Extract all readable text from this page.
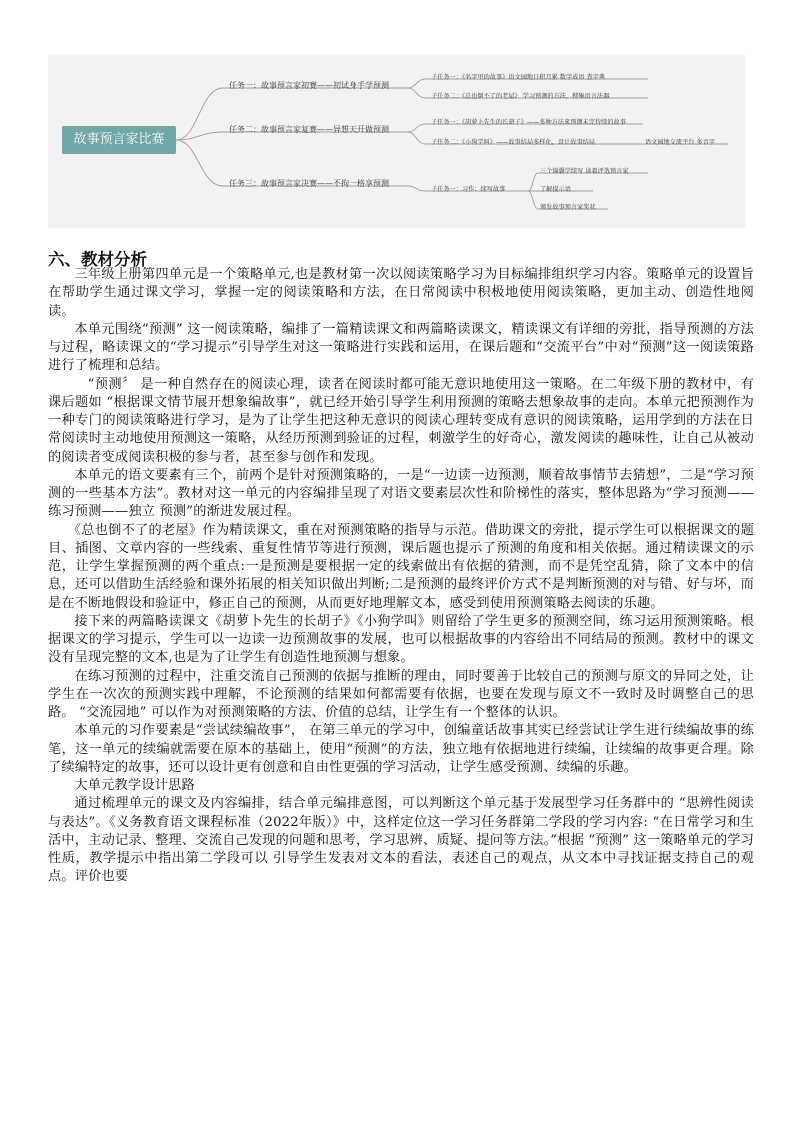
故事预言家比赛
任务一：故事预言家初赛——初试身手学预测
任务二：故事预言家复赛——异想天开做预测
任务三：故事预言家决赛——不拘一格享预测
子任务一：《名字里的故事》语文园地日积月累 数字成语 查字典
子任务二：《总也倒不了的老屋》 学习预测的方法，搜集语言法器
子任务一：《胡萝卜先生的长胡子》——多种方法来预测未完待续的故事
子任务二：《小狗学叫》——故事结局多样化，设计故事结局	语文园地交流平台 多音字
子任务一：习作：续写故事
三个锦囊学续写 读着评选预言家
了解提示语
颁发故事预言家奖状
六、教材分析

三年级上册第四单元是一个策略单元,也是教材第一次以阅读策略学习为目标编排组织学习内容。策略单元的设置旨在帮助学生通过课文学习，掌握一定的阅读策略和方法，在日常阅读中积极地使用阅读策略，更加主动、创造性地阅读。

本单元围绕“预测” 这一阅读策略，编排了一篇精读课文和两篇略读课文，精读课文有详细的旁批，指导预测的方法与过程，略读课文的“学习提示”引导学生对这一策略进行实践和运用，在课后题和“交流平台”中对“预测”这一阅读策路进行了梳理和总结。

“预测〞 是一种自然存在的阅读心理，读者在阅读时都可能无意识地使用这一策略。在二年级下册的教材中，有课后题如 “根据课文情节展开想象编故事”，就已经开始引导学生利用预测的策略去想象故事的走向。本单元把预测作为一种专门的阅读策略进行学习，是为了让学生把这种无意识的阅读心理转变成有意识的阅读策略，运用学到的方法在日常阅读时主动地使用预测这一策略，从经历预测到验证的过程，刺激学生的好奇心，激发阅读的趣味性，让自己从被动的阅读者变成阅读积极的参与者，甚至参与创作和发现。

本单元的语文要素有三个，前两个是针对预测策略的，一是“一边读一边预测，顺着故事情节去猜想”，二是“学习预测的一些基本方法”。教材对这一单元的内容编排呈现了对语文要素层次性和阶梯性的落实，整体思路为“学习预测——练习预测——独立 预测”的渐进发展过程。

《总也倒不了的老屋》作为精读课文，重在对预测策略的指导与示范。借助课文的旁批，提示学生可以根据课文的题目、插图、文章内容的一些线索、重复性情节等进行预测，课后题也提示了预测的角度和相关依据。通过精读课文的示范，让学生掌握预测的两个重点:一是预测是要根据一定的线索做出有依据的猜测，而不是凭空乱猜，除了文本中的信息，还可以借助生活经验和课外拓展的相关知识做出判断;二是预测的最终评价方式不是判断预测的对与错、好与坏，而是在不断地假设和验证中，修正自己的预测，从而更好地理解文本，感受到使用预测策略去阅读的乐趣。

接下来的两篇略读课文《胡萝卜先生的长胡子》《小狗学叫》则留给了学生更多的预测空间，练习运用预测策略。根据课文的学习提示，学生可以一边读一边预测故事的发展，也可以根据故事的内容给出不同结局的预测。教材中的课文没有呈现完整的文本,也是为了让学生有创造性地预测与想象。

在练习预测的过程中，注重交流自己预测的依据与推断的理由，同时要善于比较自己的预测与原文的异同之处，让学生在一次次的预测实践中理解，不论预测的结果如何都需要有依据，也要在发现与原文不一致时及时调整自己的思路。 “交流园地” 可以作为对预测策略的方法、价值的总结，让学生有一个整体的认识。

本单元的习作要素是“尝试续编故事”， 在第三单元的学习中，创编童话故事其实已经尝试让学生进行续编故事的练笔，这一单元的续编就需要在原本的基础上，使用“预测”的方法，独立地有依据地进行续编，让续编的故事更合理。除了续编特定的故事，还可以设计更有创意和自由性更强的学习活动，让学生感受预测、续编的乐趣。

大单元教学设计思路

通过梳理单元的课文及内容编排，结合单元编排意图，可以判断这个单元基于发展型学习任务群中的 “思辨性阅读与表达”。《义务教育语文课程标准（2022年版）》中，这样定位这一学习任务群第二学段的学习内容: “在日常学习和生活中，主动记录、整理、交流自己发现的问题和思考，学习思辨、质疑、提问等方法。”根据 “预测” 这一策略单元的学习性质，教学提示中指出第二学段可以 引导学生发表对文本的看法，表述自己的观点，从文本中寻找证据支持自己的观点。评价也要
